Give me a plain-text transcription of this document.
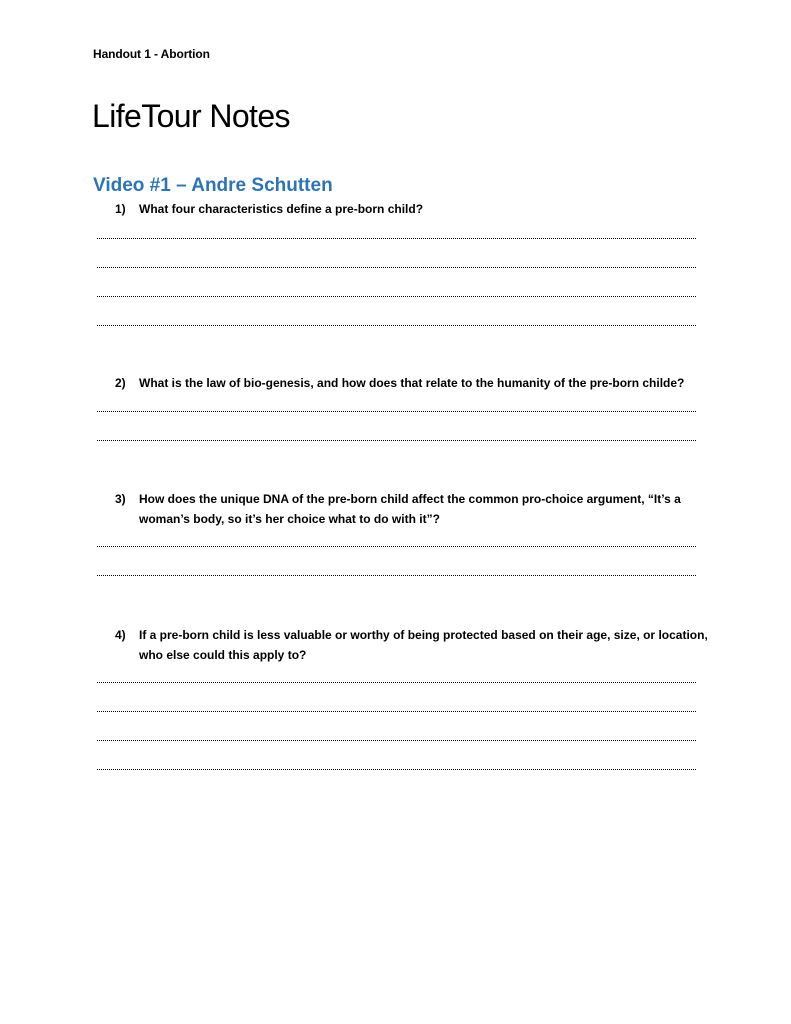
Handout 1 - Abortion
LifeTour Notes
Video #1 – Andre Schutten
1)	What four characteristics define a pre-born child?
2)	What is the law of bio-genesis, and how does that relate to the humanity of the pre-born childe?
3)	How does the unique DNA of the pre-born child affect the common pro-choice argument, “It’s a woman’s body, so it’s her choice what to do with it”?
4)	If a pre-born child is less valuable or worthy of being protected based on their age, size, or location, who else could this apply to?
